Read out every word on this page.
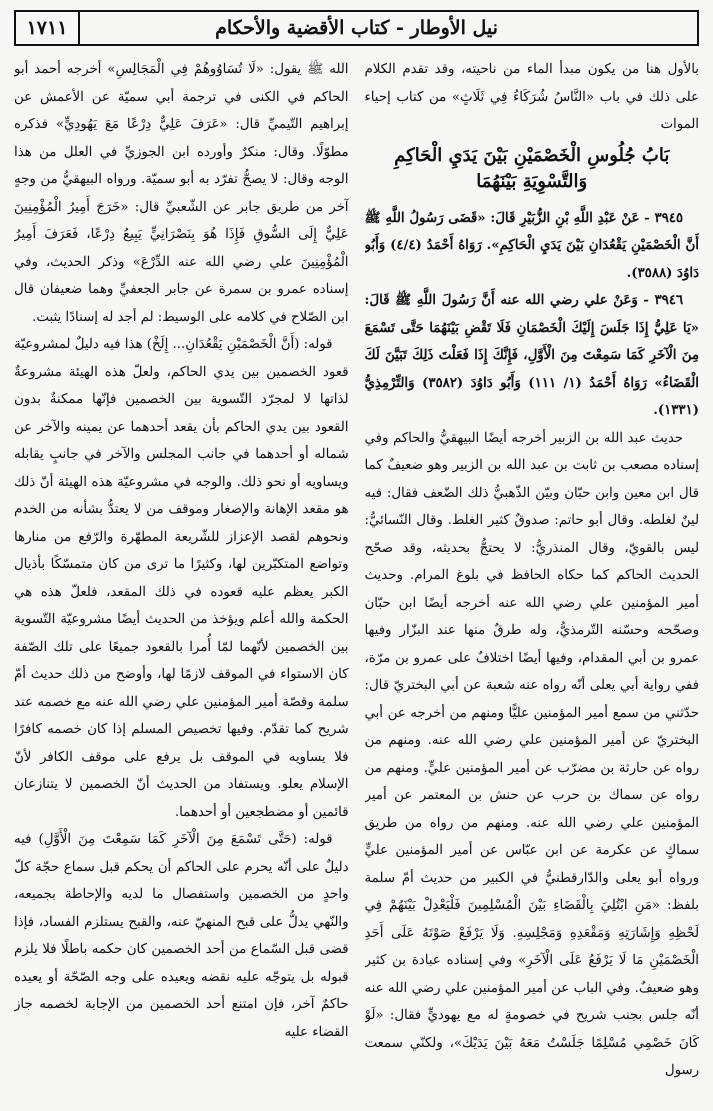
نيل الأوطار - كتاب الأقضية والأحكام
١٧١١

بالأول هنا من يكون مبدأ الماء من ناحيته، وقد تقدم الكلام على ذلك في باب «النَّاسُ شُرَكَاءُ فِي ثَلَاثٍ» من كتاب إحياء الموات

بَابُ جُلُوسِ الْخَصْمَيْنِ بَيْنَ يَدَيِ الْحَاكِمِ وَالتَّسْوِيَةِ بَيْنَهُمَا

٣٩٤٥ - عَنْ عَبْدِ اللَّهِ بْنِ الزُّبَيْرِ قَالَ: «قَضَى رَسُولُ اللَّهِ ﷺ أَنَّ الْخَصْمَيْنِ يَقْعُدَانِ بَيْنَ يَدَيِ الْحَاكِمِ». رَوَاهُ أَحْمَدُ (٤/٤) وَأَبُو دَاوُدَ (٣٥٨٨).

٣٩٤٦ - وَعَنْ علي رضي الله عنه أَنَّ رَسُولَ اللَّهِ ﷺ قَالَ: «يَا عَلِيُّ إِذَا جَلَسَ إِلَيْكَ الْخَصْمَانِ فَلَا تَقْضِ بَيْنَهُمَا حَتَّى تَسْمَعَ مِنَ الْآخَرِ كَمَا سَمِعْتَ مِنَ الْأَوَّلِ، فَإِنَّكَ إِذَا فَعَلْتَ ذَلِكَ تَبَيَّنَ لَكَ الْقَضَاءُ» رَوَاهُ أَحْمَدُ (١/ ١١١) وَأَبُو دَاوُدَ (٣٥٨٢) وَالتِّرْمِذِيُّ (١٣٣١).

حديث عبد الله بن الزبير أخرجه أيضًا البيهقيُّ والحاكم وفي إسناده مصعب بن ثابت بن عبد الله بن الزبير وهو ضعيفٌ كما قال ابن معين وابن حبّان وبيّن الذّهبيُّ ذلك الضّعف فقال: فيه لينٌ لغلطه. وقال أبو حاتم: صدوقٌ كثير الغلط. وقال النّسائيُّ: ليس بالقويّ، وقال المنذريُّ: لا يحتجُّ بحديثه، وقد صحّح الحديث الحاكم كما حكاه الحافظ في بلوغ المرام. وحديث أمير المؤمنين علي رضي الله عنه أخرجه أيضًا ابن حبّان وصحّحه وحسّنه التّرمذيُّ، وله طرقٌ منها عند البزّار وفيها عمرو بن أبي المقدام، وفيها أيضًا اختلافٌ على عمرو بن مرّة، ففي رواية أبي يعلى أنّه رواه عنه شعبة عن أبي البختريّ قال: حدّثني من سمع أمير المؤمنين عليًّا ومنهم من أخرجه عن أبي البختريّ عن أمير المؤمنين علي رضي الله عنه. ومنهم من رواه عن حارثة بن مضرّب عن أمير المؤمنين عليٍّ. ومنهم من رواه عن سماك بن حرب عن حنش بن المعتمر عن أمير المؤمنين علي رضي الله عنه. ومنهم من رواه من طريق سماكٍ عن عكرمة عن ابن عبّاس عن أمير المؤمنين عليٍّ ورواه أبو يعلى والدّارقطنيُّ في الكبير من حديث أمّ سلمة بلفظ: «مَنِ ابْتُلِيَ بِالْقَضَاءِ بَيْنَ الْمُسْلِمِينَ فَلْيَعْدِلْ بَيْنَهُمْ فِي لَحْظِهِ وَإِشَارَتِهِ وَمَقْعَدِهِ وَمَجْلِسِهِ. وَلَا يَرْفَعْ صَوْتَهُ عَلَى أَحَدِ الْخَصْمَيْنِ مَا لَا يَرْفَعُ عَلَى الْآخَرِ» وفي إسناده عبادة بن كثير وهو ضعيفٌ. وفي الباب عن أمير المؤمنين علي رضي الله عنه أنّه جلس بجنب شريح في خصومةٍ له مع يهوديٍّ فقال: «لَوْ كَانَ خَصْمِي مُسْلِمًا جَلَسْتُ مَعَهُ بَيْنَ يَدَيْكَ»، ولكنّي سمعت رسول

الله ﷺ يقول: «لَا تُسَاوُوهُمْ فِي الْمَجَالِسِ» أخرجه أحمد أبو الحاكم في الكنى في ترجمة أبي سميّة عن الأعمش عن إبراهيم التّيميِّ قال: «عَرَفَ عَلِيٌّ دِرْعًا مَعَ يَهُودِيٍّ» فذكره مطوّلًا. وقال: منكرٌ وأورده ابن الجوزيِّ في العلل من هذا الوجه وقال: لا يصحُّ تفرّد به أبو سميّة. ورواه البيهقيُّ من وجهٍ آخر من طريق جابر عن الشّعبيِّ قال: «خَرَجَ أَمِيرُ الْمُؤْمِنِينَ عَلِيٌّ إِلَى السُّوقِ فَإِذَا هُوَ بِنَصْرَانِيٍّ يَبِيعُ دِرْعًا، فَعَرَفَ أَمِيرُ الْمُؤْمِنِينَ علي رضي الله عنه الدِّرْعَ» وذكر الحديث، وفي إسناده عمرو بن سمرة عن جابر الجعفيِّ وهما ضعيفان قال ابن الصّلاح في كلامه على الوسيط: لم أجد له إسنادًا يثبت.

قوله: (أَنَّ الْخَصْمَيْنِ يَقْعُدَانِ... إِلَخْ) هذا فيه دليلٌ لمشروعيّة قعود الخصمين بين يدي الحاكم، ولعلّ هذه الهيئة مشروعةٌ لذاتها لا لمجرّد التّسوية بين الخصمين فإنّها ممكنةٌ بدون القعود بين يدي الحاكم بأن يقعد أحدهما عن يمينه والآخر عن شماله أو أحدهما في جانب المجلس والآخر في جانبٍ يقابله ويساويه أو نحو ذلك. والوجه في مشروعيّة هذه الهيئة أنّ ذلك هو مقعد الإهانة والإصغار وموقف من لا يعتدُّ بشأنه من الخدم ونحوهم لقصد الإعزاز للشّريعة المطهّرة والرّفع من منارها وتواضع المتكبّرين لها، وكثيرًا ما ترى من كان متمسّكًا بأذيال الكبر يعظم عليه قعوده في ذلك المقعد، فلعلّ هذه هي الحكمة والله أعلم ويؤخذ من الحديث أيضًا مشروعيّة التّسوية بين الخصمين لأنّهما لمّا أُمرا بالقعود جميعًا على تلك الصّفة كان الاستواء في الموقف لازمًا لها، وأوضح من ذلك حديث أمّ سلمة وقصّة أمير المؤمنين علي رضي الله عنه مع خصمه عند شريح كما تقدّم. وفيها تخصيص المسلم إذا كان خصمه كافرًا فلا يساويه في الموقف بل يرفع على موقف الكافر لأنّ الإسلام يعلو. ويستفاد من الحديث أنّ الخصمين لا يتنازعان قائمين أو مضطجعين أو أحدهما.

قوله: (حَتَّى تَسْمَعَ مِنَ الْآخَرِ كَمَا سَمِعْتَ مِنَ الْأَوَّلِ) فيه دليلٌ على أنّه يحرم على الحاكم أن يحكم قبل سماع حجّة كلّ واحدٍ من الخصمين واستفصال ما لديه والإحاطة بجميعه، والنّهي يدلُّ على قبح المنهيّ عنه، والقبح يستلزم الفساد، فإذا قضى قبل السّماع من أحد الخصمين كان حكمه باطلًا فلا يلزم قبوله بل يتوجّه عليه نقضه ويعيده على وجه الصّحّة أو يعيده حاكمٌ آخر، فإن امتنع أحد الخصمين من الإجابة لخصمه جاز القضاء عليه
